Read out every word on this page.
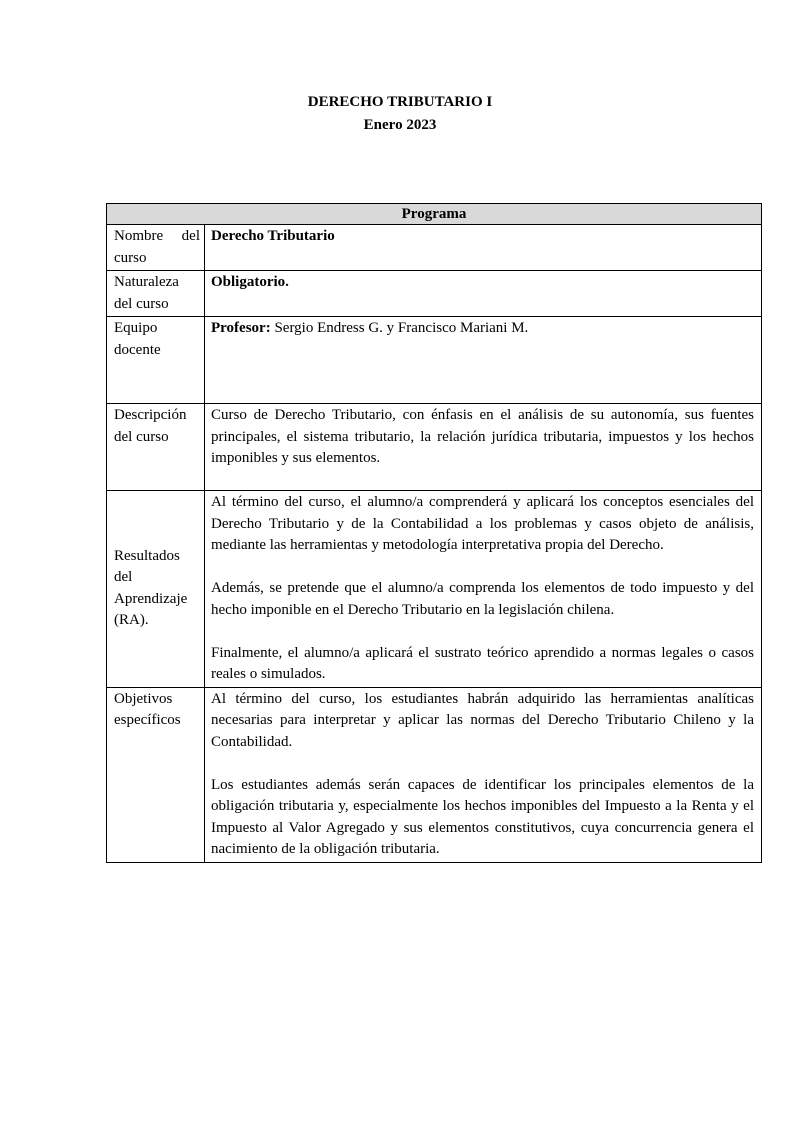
DERECHO TRIBUTARIO I
Enero 2023
Programa	
Nombre del curso	Derecho Tributario
Naturaleza del curso	Obligatorio.
Equipo docente	Profesor: Sergio Endress G. y Francisco Mariani M.
Descripción del curso	Curso de Derecho Tributario, con énfasis en el análisis de su autonomía, sus fuentes principales, el sistema tributario, la relación jurídica tributaria, impuestos y los hechos imponibles y sus elementos.
Resultados del Aprendizaje (RA).	Al término del curso, el alumno/a comprenderá y aplicará los conceptos esenciales del Derecho Tributario y de la Contabilidad a los problemas y casos objeto de análisis, mediante las herramientas y metodología interpretativa propia del Derecho.

Además, se pretende que el alumno/a comprenda los elementos de todo impuesto y del hecho imponible en el Derecho Tributario en la legislación chilena.

Finalmente, el alumno/a aplicará el sustrato teórico aprendido a normas legales o casos reales o simulados.

Objetivos específicos	Al término del curso, los estudiantes habrán adquirido las herramientas analíticas necesarias para interpretar y aplicar las normas del Derecho Tributario Chileno y la Contabilidad.

Los estudiantes además serán capaces de identificar los principales elementos de la obligación tributaria y, especialmente los hechos imponibles del Impuesto a la Renta y el Impuesto al Valor Agregado y sus elementos constitutivos, cuya concurrencia genera el nacimiento de la obligación tributaria.
